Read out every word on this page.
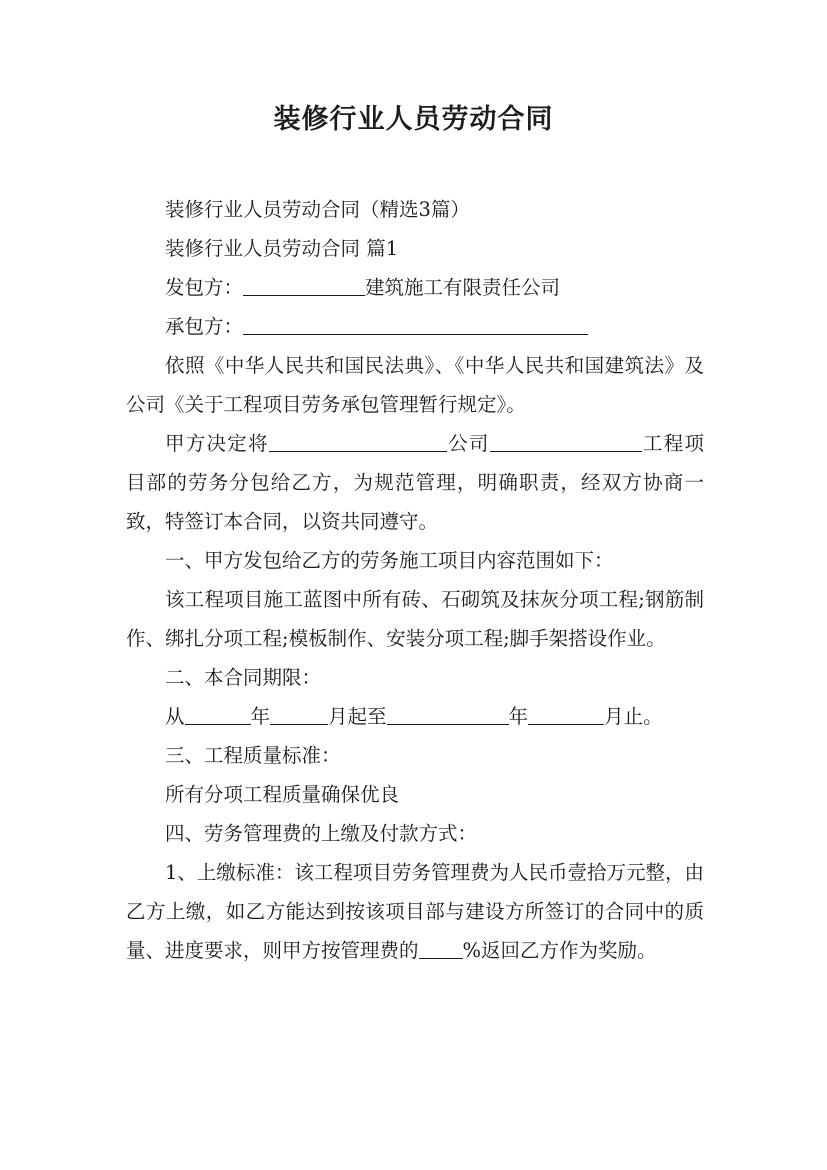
装修行业人员劳动合同

装修行业人员劳动合同（精选3篇）

装修行业人员劳动合同 篇1

发包方：	建筑施工有限责任公司

承包方：

依照《中华人民共和国民法典》、《中华人民共和国建筑法》及公司《关于工程项目劳务承包管理暂行规定》。

甲方决定将	公司	工程项目部的劳务分包给乙方，为规范管理，明确职责，经双方协商一致，特签订本合同，以资共同遵守。

一、甲方发包给乙方的劳务施工项目内容范围如下：

该工程项目施工蓝图中所有砖、石砌筑及抹灰分项工程;钢筋制作、绑扎分项工程;模板制作、安装分项工程;脚手架搭设作业。

二、本合同期限：

从	年	月起至	年	月止。

三、工程质量标准：

所有分项工程质量确保优良

四、劳务管理费的上缴及付款方式：

1、上缴标准：该工程项目劳务管理费为人民币壹拾万元整，由乙方上缴，如乙方能达到按该项目部与建设方所签订的合同中的质量、进度要求，则甲方按管理费的 %返回乙方作为奖励。
